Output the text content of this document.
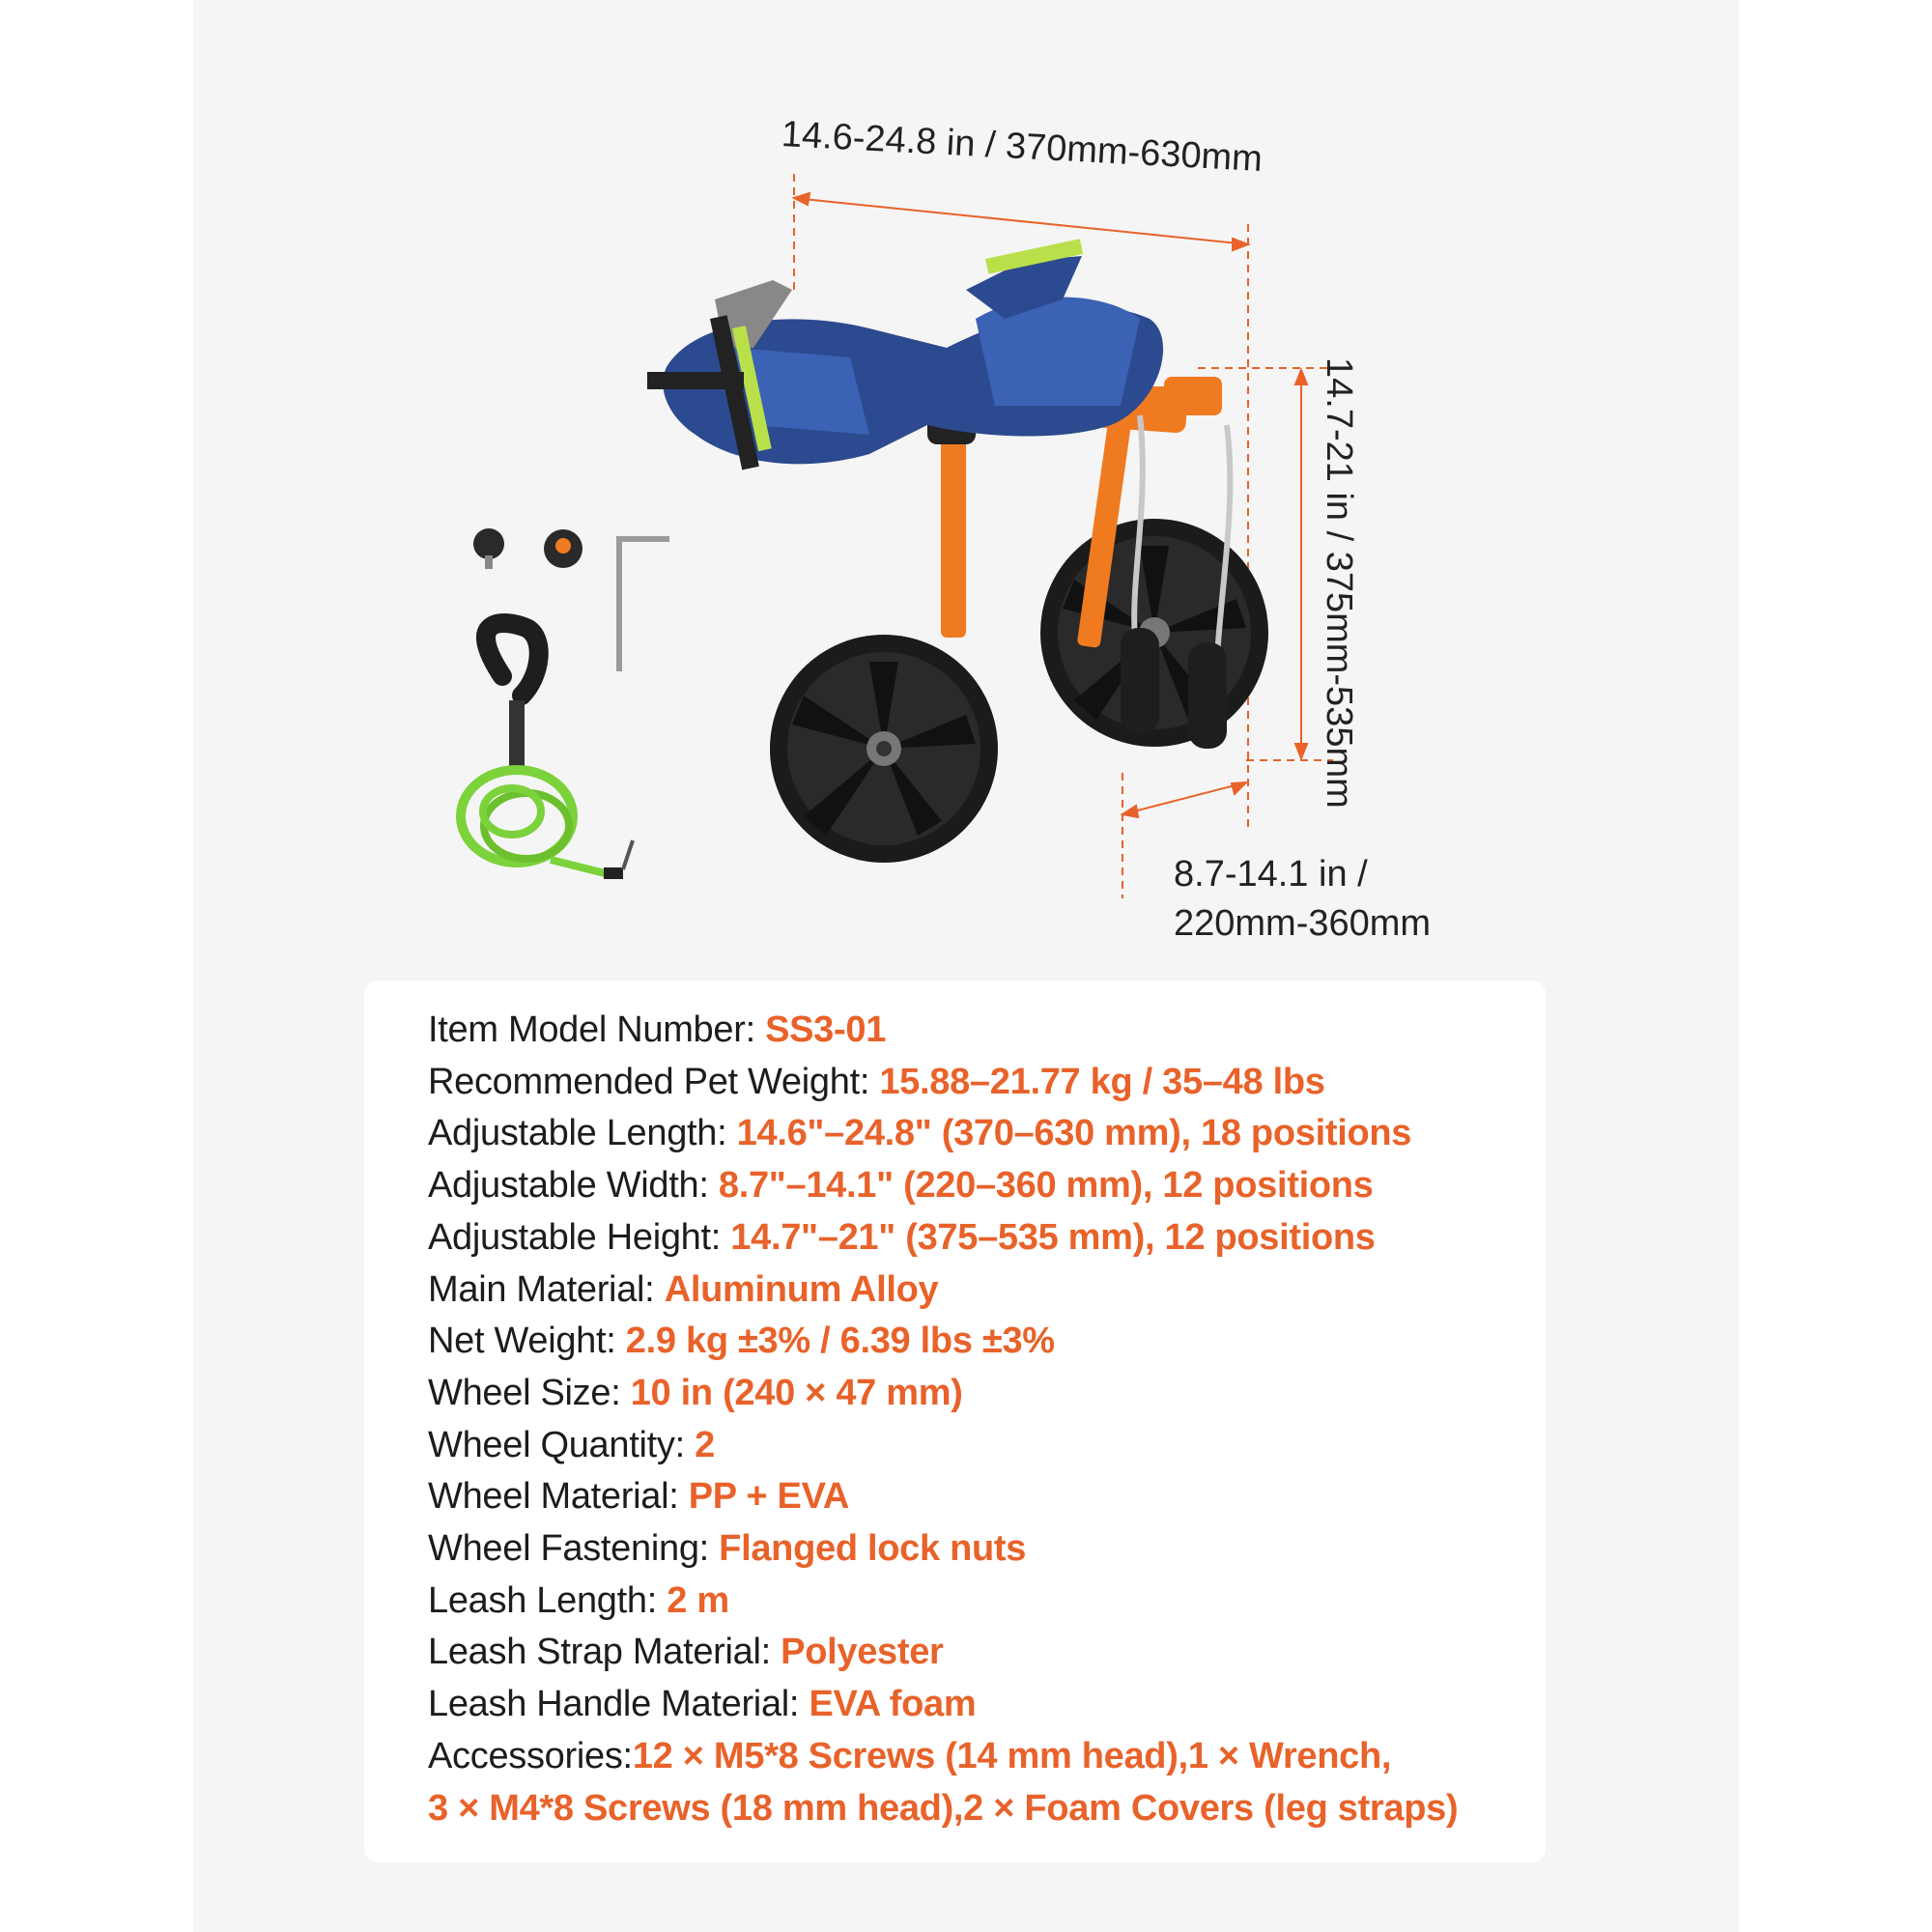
14.6-24.8 in / 370mm-630mm
14.7-21 in / 375mm-535mm
8.7-14.1 in /
220mm-360mm
Item Model Number: SS3-01
Recommended Pet Weight: 15.88–21.77 kg / 35–48 lbs
Adjustable Length: 14.6"–24.8" (370–630 mm), 18 positions
Adjustable Width: 8.7"–14.1" (220–360 mm), 12 positions
Adjustable Height: 14.7"–21" (375–535 mm), 12 positions
Main Material: Aluminum Alloy
Net Weight: 2.9 kg ±3% / 6.39 lbs ±3%
Wheel Size: 10 in (240 × 47 mm)
Wheel Quantity: 2
Wheel Material: PP + EVA
Wheel Fastening: Flanged lock nuts
Leash Length: 2 m
Leash Strap Material: Polyester
Leash Handle Material: EVA foam
Accessories:12 × M5*8 Screws (14 mm head),1 × Wrench,
3 × M4*8 Screws (18 mm head),2 × Foam Covers (leg straps)
